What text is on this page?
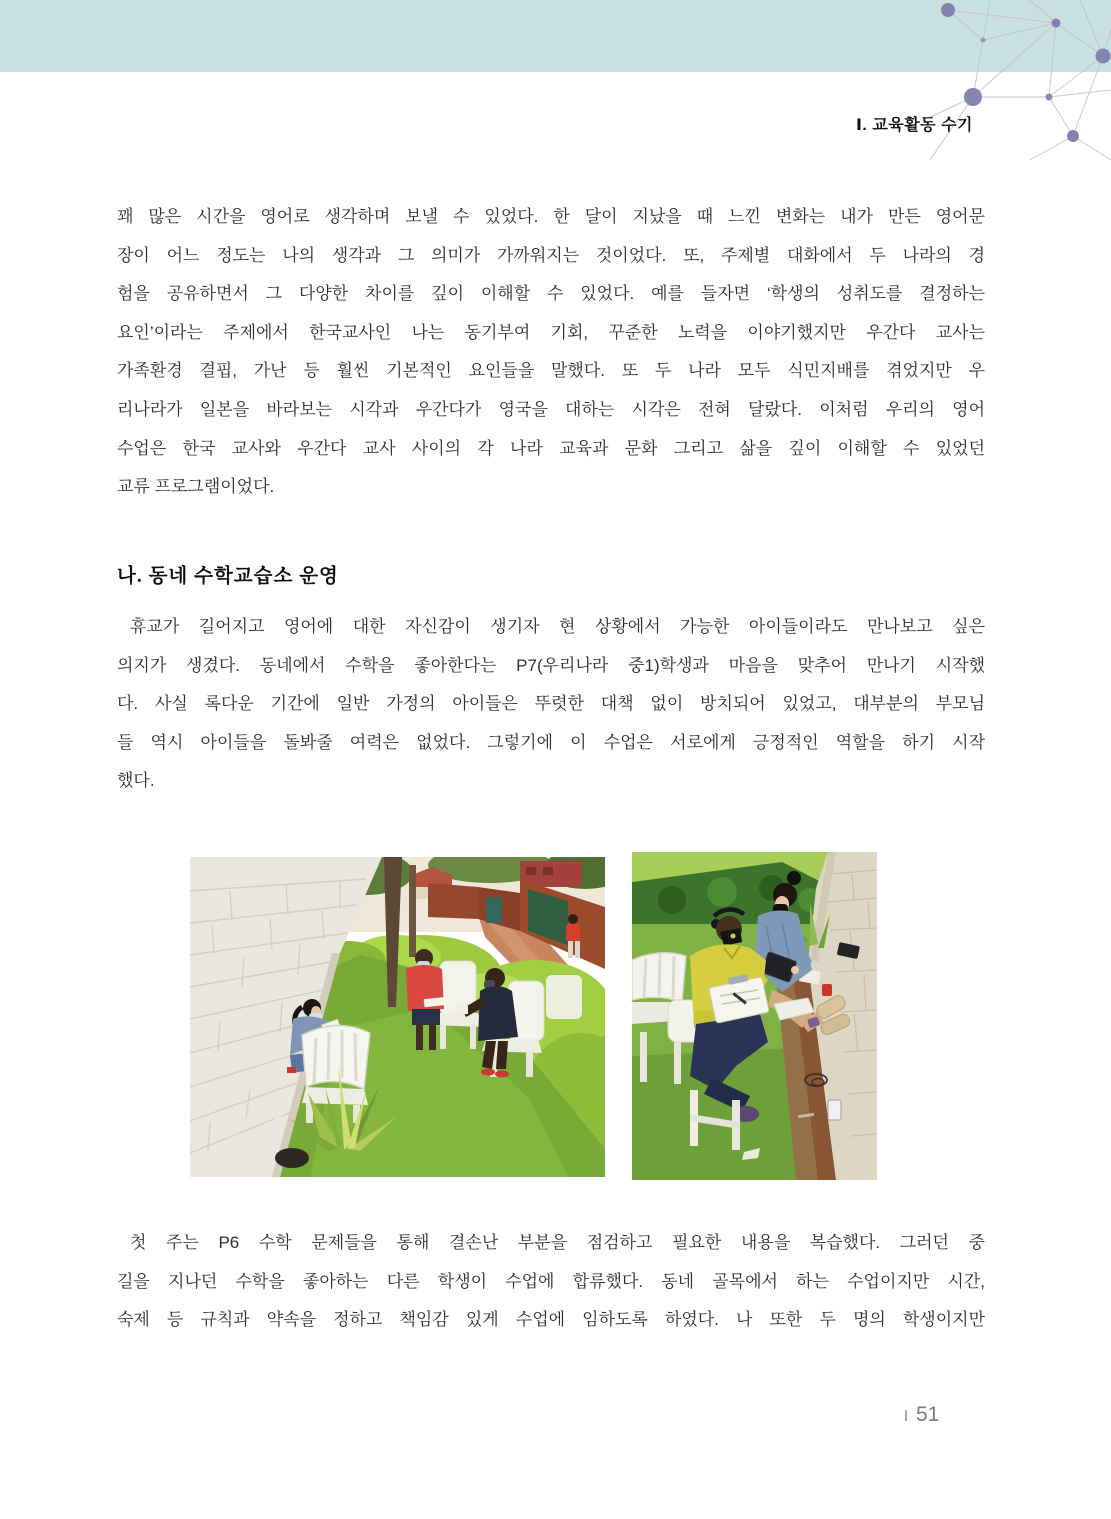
Ⅰ. 교육활동 수기
꽤 많은 시간을 영어로 생각하며 보낼 수 있었다. 한 달이 지났을 때 느낀 변화는 내가 만든 영어문
장이 어느 정도는 나의 생각과 그 의미가 가까워지는 것이었다. 또, 주제별 대화에서 두 나라의 경
험을 공유하면서 그 다양한 차이를 깊이 이해할 수 있었다. 예를 들자면 ‘학생의 성취도를 결정하는
요인’이라는 주제에서 한국교사인 나는 동기부여 기회, 꾸준한 노력을 이야기했지만 우간다 교사는
가족환경 결핍, 가난 등 훨씬 기본적인 요인들을 말했다. 또 두 나라 모두 식민지배를 겪었지만 우
리나라가 일본을 바라보는 시각과 우간다가 영국을 대하는 시각은 전혀 달랐다. 이처럼 우리의 영어
수업은 한국 교사와 우간다 교사 사이의 각 나라 교육과 문화 그리고 삶을 깊이 이해할 수 있었던
교류 프로그램이었다.
나. 동네 수학교습소 운영
휴교가 길어지고 영어에 대한 자신감이 생기자 현 상황에서 가능한 아이들이라도 만나보고 싶은
의지가 생겼다. 동네에서 수학을 좋아한다는 P7(우리나라 중1)학생과 마음을 맞추어 만나기 시작했
다. 사실 록다운 기간에 일반 가정의 아이들은 뚜렷한 대책 없이 방치되어 있었고, 대부분의 부모님
들 역시 아이들을 돌봐줄 여력은 없었다. 그렇기에 이 수업은 서로에게 긍정적인 역할을 하기 시작
했다.
첫 주는 P6 수학 문제들을 통해 결손난 부분을 점검하고 필요한 내용을 복습했다. 그러던 중
길을 지나던 수학을 좋아하는 다른 학생이 수업에 합류했다. 동네 골목에서 하는 수업이지만 시간,
숙제 등 규칙과 약속을 정하고 책임감 있게 수업에 임하도록 하였다. 나 또한 두 명의 학생이지만
51
